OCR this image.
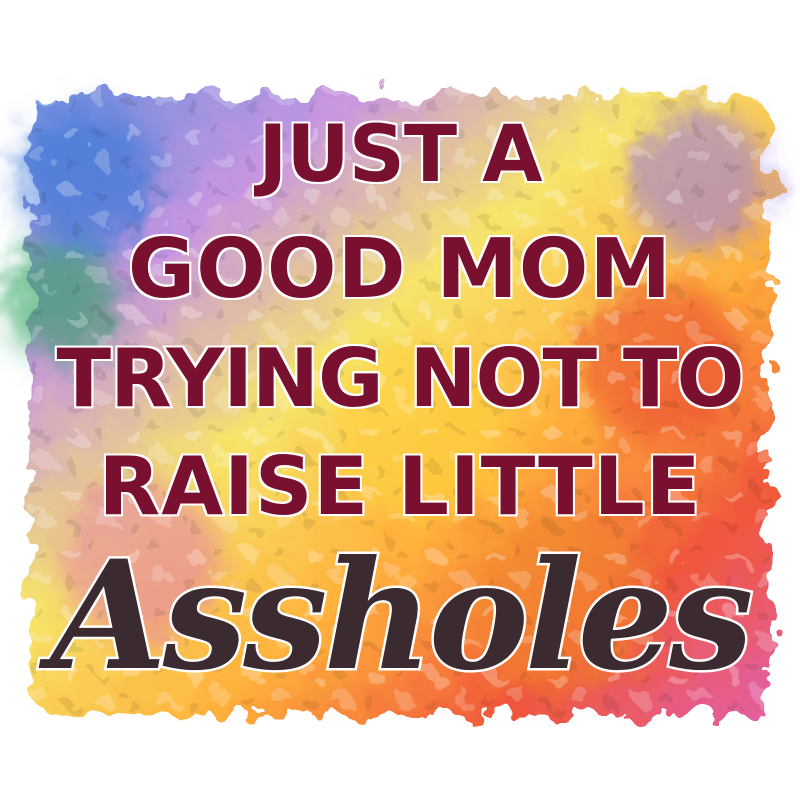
JUST A
GOOD MOM
TRYING NOT TO
RAISE LITTLE
Assholes
